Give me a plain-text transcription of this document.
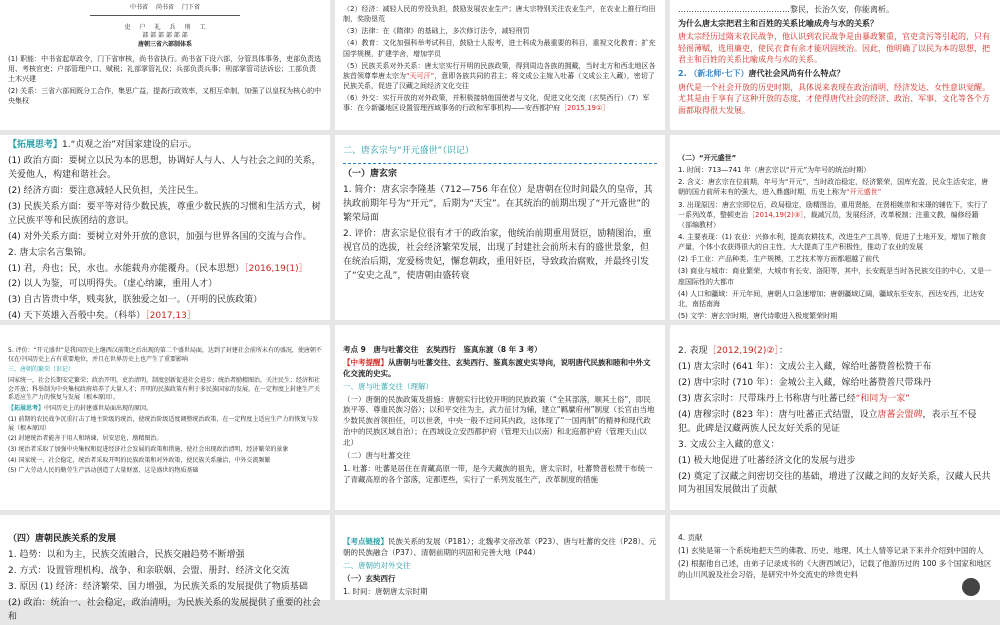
中书省 尚书省 门下省
吏 户 礼 兵 刑 工
部 部 部 部 部 部
唐朝三省六部制体系

(1) 职能：中书省起草政令，门下省审核，尚书省执行。尚书省下设六部，分管具体事务，吏部负责选用、考核官吏；户部管理户口、赋税；礼部掌管礼仪；兵部负责兵事；刑部掌管司法诉讼；工部负责土木兴建

(2) 关系：三省六部间既分工合作，集思广益，提高行政效率，又相互牵制，加强了以皇权为核心的中央集权

（2）经济：减轻人民的劳役负担，鼓励发展农业生产；唐太宗特别关注农业生产，在农业上推行均田制，奖励垦荒

（3）法律：在《隋律》的基础上，多次修订法令，减轻刑罚

（4）教育：文化加强科举考试科目，鼓励士人报考，进士科成为最重要的科目，重视文化教育；扩充国学规模，扩建学舍，增加学员

（5）民族关系对外关系：唐太宗实行开明的民族政策，得到周边各族的拥戴，当时北方和西北地区各族首领尊奉唐太宗为“天可汗”，意即各族共同的君主；将文成公主嫁入吐蕃（文成公主入藏），密切了民族关系，促进了汉藏之间经济文化交往

（6）外交：实行开放的对外政策，并积极接纳他国使者与文化，促进文化交流（玄奘西行）（7）军事：在今新疆地区设置管理西域事务的行政和军事机构——安西都护府［2015,19①］

……………………………………黎民，长治久安，你能离析。

为什么唐太宗把君主和百姓的关系比喻成舟与水的关系？

唐太宗经历过隋末农民战争，他认识到农民战争是由暴政繁重，官吏贪污等引起的，只有轻徭薄赋，选用廉吏，使民衣食有余才能巩固统治。因此，他明确了以民为本的思想，把君主和百姓的关系比喻成舟与水的关系。

2. （新北师·七下）唐代社会风尚有什么特点？

唐代是一个社会开放的历史时期，具体说来表现在政治清明、经济发达、女性意识觉醒。尤其是由于享有了这种开放的态度，才使得唐代社会的经济、政治、军事、文化等各个方面都取得很大发展。

【拓展思考】1.“贞观之治”对国家建设的启示。

(1) 政治方面：要树立以民为本的思想，协调好人与人、人与社会之间的关系，关爱他人，构建和谐社会。

(2) 经济方面：要注意减轻人民负担，关注民生。

(3) 民族关系方面：要平等对待少数民族，尊重少数民族的习惯和生活方式，树立民族平等和民族团结的意识。

(4) 对外关系方面：要树立对外开放的意识，加强与世界各国的交流与合作。

2. 唐太宗名言集锦。

(1) 君，舟也；民，水也。水能载舟亦能覆舟。（民本思想）［2016,19(1)］

(2) 以人为鉴，可以明得失。（虚心纳谏，重用人才）

(3) 自古皆贵中华，贱夷狄，朕独爱之如一。（开明的民族政策）

(4) 天下英雄入吾彀中矣。（科举）［2017,13］

二、唐玄宗与“开元盛世”（识记）

（一）唐玄宗

1. 简介：唐玄宗李隆基（712—756 年在位）是唐朝在位时间最久的皇帝，其执政前期年号为“开元”，后期为“天宝”。在其统治的前期出现了“开元盛世”的繁荣局面

2. 评价：唐玄宗是位很有才干的政治家，他统治前期重用贤臣，励精图治，重视官员的选拔，社会经济繁荣发展，出现了封建社会前所未有的盛世景象，但在统治后期，宠爱杨贵妃，懈怠朝政，重用奸臣，导致政治腐败，并最终引发了“安史之乱”，使唐朝由盛转衰

（二）“开元盛世”

1. 时间：713—741 年（唐玄宗以“开元”为年号的统治时期）

2. 含义：唐玄宗在位前期，年号为“开元”，当时政治稳定，经济繁荣，国库充盈，民众生活安定，唐朝的国力前所未有的强大，进入鼎盛时期，历史上称为“开元盛世”

3. 出现原因：唐玄宗即位后，政局稳定，励精图治，重用贤能，在贤相姚崇和宋璟的辅佐下，实行了一系列改革，整顿吏治［2014,19(2)③］，裁减冗员，发展经济，改革税制；注重文教，编修经籍（部编教材）

4. 主要表现：(1) 农业：兴修水利，提高农耕技术，改进生产工具等，促进了土地开发，增加了粮食产量，个体小农获得很大的自主性，大大提高了生产积极性，推动了农业的发展

(2) 手工业：产品种类、生产规模、工艺技术等方面都超越了前代

(3) 商业与城市：商业繁荣，大城市有长安、洛阳等，其中，长安既是当时各民族交往的中心，又是一座国际性的大都市

(4) 人口和疆域：开元年间，唐朝人口急速增加；唐朝疆域辽阔，疆域东至安东，西达安西，北达安北，南括南海

(5) 文学：唐玄宗时期，唐代诗歌进入极度繁荣时期

5. 评价：“开元盛世”是我国历史上继西汉前期之后出现的第二个盛世局面，达到了封建社会前所未有的盛况，使唐朝不仅在中国历史上占有重要地位，并且在世界历史上也产生了重要影响

三、唐朝的繁荣（识记）

国家统一，社会长期安定繁荣；政治开明，吏治清明，制度创新促进社会进步；统治者励精图治，关注民生；经济和社会开放；科举制为中央集权政府培养了大量人才；开明的民族政策有利于多民族国家的发展，在一定程度上封建生产关系适应生产力的恢复与发展（根本原因）。

【拓展思考】中国历史上的封建盛世局面出现的原因。

(1) 前期的农民战争沉重打击了地主阶级的统治，使统治阶级适度调整统治政策，在一定程度上适应生产力的恢复与发展（根本原因）

(2) 封建统治者能善于用人和纳谏，居安思危，励精图治。

(3) 统治者采取了加强中央集权和促进经济社会发展的政策和措施，使社会出现政治清明，经济繁荣的景象

(4) 国家统一、社会稳定，统治者采取开明的民族政策和对外政策，使民族关系融洽，中外交流频繁

(5) 广大劳动人民的勤劳生产活动创造了大量财富，这是盛世的物质基础

考点 9　唐与吐蕃交往　玄奘西行　鉴真东渡（8 年 3 考）

【中考提醒】从唐朝与吐蕃交往、玄奘西行、鉴真东渡史实导向，说明唐代民族和睦和中外文化交流的史实。

一、唐与吐蕃交往（理解）

（一）唐朝的民族政策及措施：唐朝实行比较开明的民族政策（“全其部落，顺其土俗”，即民族平等、尊重民族习俗）；以和平交往为主，武力征讨为辅，建立“羁縻府州”制度（长官由当地少数民族首领担任，可以世袭，中央一般不过问其内政，这体现了“一国两制”的精神和现代政治中的民族区域自治）；在西域设立安西都护府（管理天山以南）和北庭都护府（管理天山以北）

（二）唐与吐蕃交往

1. 吐蕃：吐蕃是居住在青藏高原一带，是今天藏族的祖先，唐太宗时，吐蕃赞普松赞干布统一了青藏高原的各个部落，定都逻些，实行了一系列发展生产，改革制度的措施

2. 表现［2012,19(2)②］：

(1) 唐太宗时 (641 年）：文成公主入藏，嫁给吐蕃赞普松赞干布

(2) 唐中宗时 (710 年）：金城公主入藏，嫁给吐蕃赞普尺带珠丹

(3) 唐玄宗时：尺带珠丹上书称唐与吐蕃已经“和同为一家”

(4) 唐穆宗时 (823 年）：唐与吐蕃正式结盟，设立唐蕃会盟碑，表示互不侵犯。此碑是汉藏两族人民友好关系的见证

3. 文成公主入藏的意义：

(1) 极大地促进了吐蕃经济文化的发展与进步

(2) 奠定了汉藏之间密切交往的基础，增进了汉藏之间的友好关系，汉藏人民共同为祖国发展做出了贡献

（四）唐朝民族关系的发展

1. 趋势：以和为主，民族交流融合，民族交融趋势不断增强

2. 方式：设置管理机构、战争、和亲联姻、会盟、册封、经济文化交流

3. 原因 (1) 经济：经济繁荣、国力增强，为民族关系的发展提供了物质基础

(2) 政治：统治一、社会稳定，政治清明，为民族关系的发展提供了重要的社会和

【考点链接】民族关系的发展（P181）；北魏孝文帝改革（P23）、唐与吐蕃的交往（P28）、元朝的民族融合（P37）、清朝前期的巩固和完善大地（P44）

二、唐朝的对外交往

（一）玄奘西行

1. 时间：唐朝唐太宗时期

4. 贡献

(1) 玄奘是第一个系统地把天竺的佛教、历史、地理、风土人情等记录下来并介绍到中国的人

(2) 根据他自己述，由弟子记录成书的《大唐西域记》，记载了他游历过的 100 多个国家和地区的山川风貌及社会习俗，是研究中外交流史的珍贵史料
